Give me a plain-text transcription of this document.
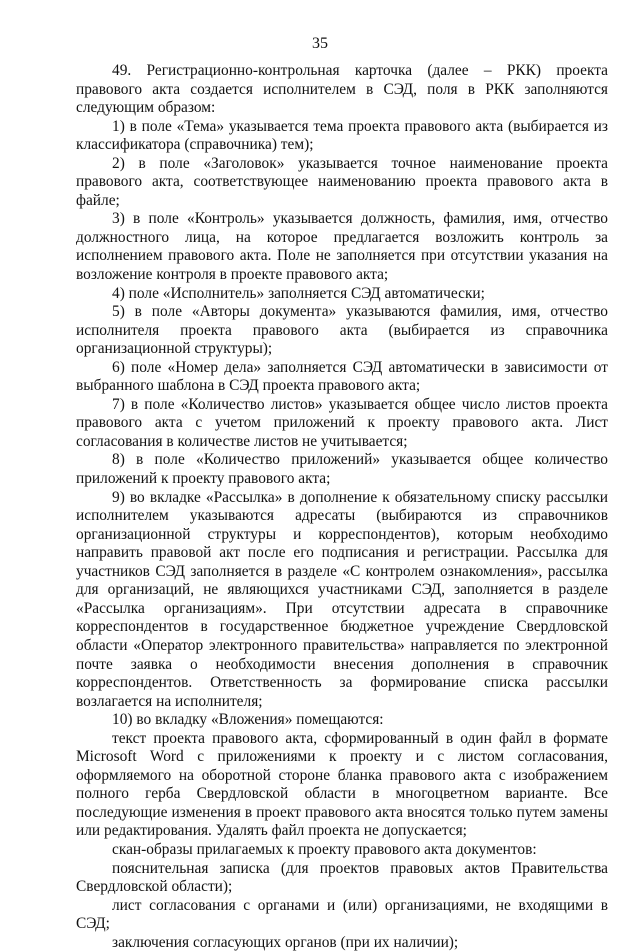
35

49. Регистрационно-контрольная карточка (далее – РКК) проекта правового акта создается исполнителем в СЭД, поля в РКК заполняются следующим образом:

1) в поле «Тема» указывается тема проекта правового акта (выбирается из классификатора (справочника) тем);

2) в поле «Заголовок» указывается точное наименование проекта правового акта, соответствующее наименованию проекта правового акта в файле;

3) в поле «Контроль» указывается должность, фамилия, имя, отчество должностного лица, на которое предлагается возложить контроль за исполнением правового акта. Поле не заполняется при отсутствии указания на возложение контроля в проекте правового акта;

4) поле «Исполнитель» заполняется СЭД автоматически;

5) в поле «Авторы документа» указываются фамилия, имя, отчество исполнителя проекта правового акта (выбирается из справочника организационной структуры);

6) поле «Номер дела» заполняется СЭД автоматически в зависимости от выбранного шаблона в СЭД проекта правового акта;

7) в поле «Количество листов» указывается общее число листов проекта правового акта с учетом приложений к проекту правового акта. Лист согласования в количестве листов не учитывается;

8) в поле «Количество приложений» указывается общее количество приложений к проекту правового акта;

9) во вкладке «Рассылка» в дополнение к обязательному списку рассылки исполнителем указываются адресаты (выбираются из справочников организационной структуры и корреспондентов), которым необходимо направить правовой акт после его подписания и регистрации. Рассылка для участников СЭД заполняется в разделе «С контролем ознакомления», рассылка для организаций, не являющихся участниками СЭД, заполняется в разделе «Рассылка организациям». При отсутствии адресата в справочнике корреспондентов в государственное бюджетное учреждение Свердловской области «Оператор электронного правительства» направляется по электронной почте заявка о необходимости внесения дополнения в справочник корреспондентов. Ответственность за формирование списка рассылки возлагается на исполнителя;

10) во вкладку «Вложения» помещаются:

текст проекта правового акта, сформированный в один файл в формате Microsoft Word с приложениями к проекту и с листом согласования, оформляемого на оборотной стороне бланка правового акта с изображением полного герба Свердловской области в многоцветном варианте. Все последующие изменения в проект правового акта вносятся только путем замены или редактирования. Удалять файл проекта не допускается;

скан-образы прилагаемых к проекту правового акта документов:

пояснительная записка (для проектов правовых актов Правительства Свердловской области);

лист согласования с органами и (или) организациями, не входящими в СЭД;

заключения согласующих органов (при их наличии);
